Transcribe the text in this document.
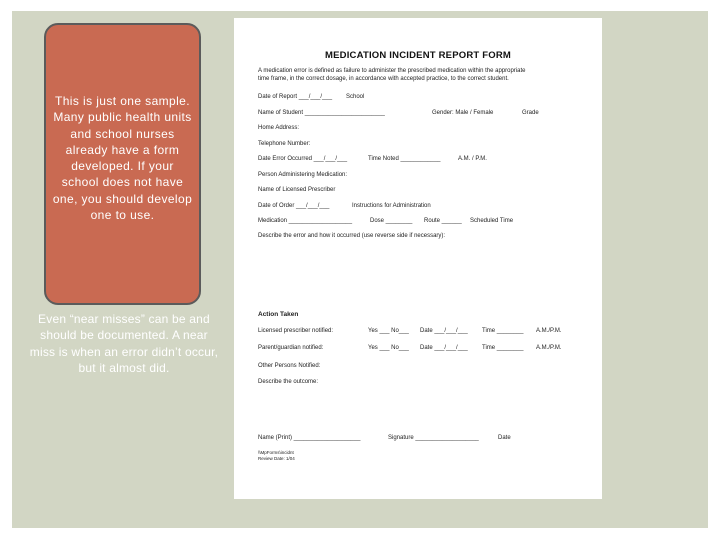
This is just one sample. Many public health units and school nurses already have a form developed. If your school does not have one, you should develop one to use.
Even “near misses” can be and should be documented. A near miss is when an error didn’t occur, but it almost did.
MEDICATION INCIDENT REPORT FORM
A medication error is defined as failure to administer the prescribed medication within the appropriate
time frame, in the correct dosage, in accordance with accepted practice, to the correct student.
Date of Report ___/___/___ School
Name of Student ________________________	Gender: Male / Female	Grade
Home Address:
Telephone Number:
Date Error Occurred ___/___/___	Time Noted ____________	A.M. / P.M.
Person Administering Medication:
Name of Licensed Prescriber
Date of Order ___/___/___	Instructions for Administration
Medication ___________________	Dose ________ Route ______ Scheduled Time
Describe the error and how it occurred (use reverse side if necessary):
Action Taken
Licensed prescriber notified:	Yes ___ No___ Date ___/___/___ Time ________ A.M./P.M.
Parent/guardian notified:	Yes ___ No___ Date ___/___/___ Time ________ A.M./P.M.
Other Persons Notified:
Describe the outcome:
Name (Print) ____________________	Signature ___________________	Date
\\MpForms\incidnt
Review Date: 1/04
